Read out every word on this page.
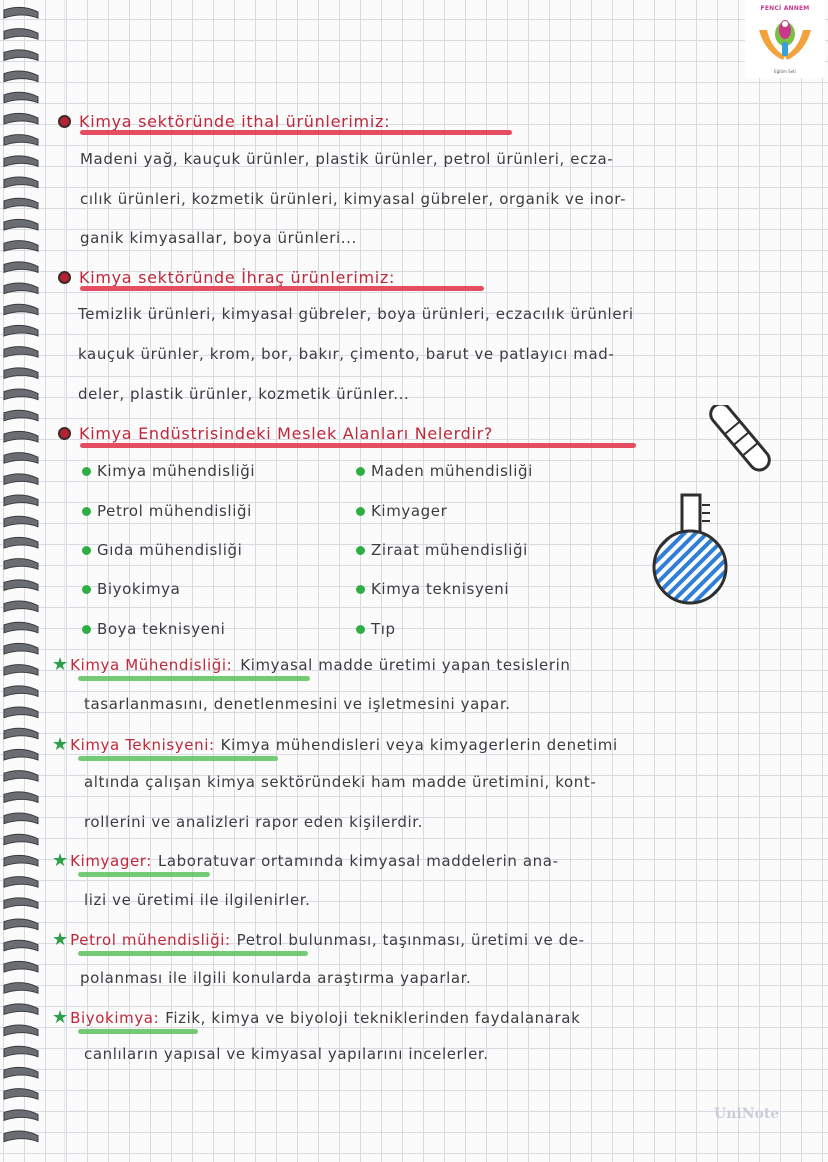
FENCİ ANNEM
Eğitim Seti
Kimya sektöründe ithal ürünlerimiz:
Madeni yağ, kauçuk ürünler, plastik ürünler, petrol ürünleri, ecza-
cılık ürünleri, kozmetik ürünleri, kimyasal gübreler, organik ve inor-
ganik kimyasallar, boya ürünleri...
Kimya sektöründe İhraç ürünlerimiz:
Temizlik ürünleri, kimyasal gübreler, boya ürünleri, eczacılık ürünleri
kauçuk ürünler, krom, bor, bakır, çimento, barut ve patlayıcı mad-
deler, plastik ürünler, kozmetik ürünler...
Kimya Endüstrisindeki Meslek Alanları Nelerdir?
Kimya mühendisliği
Petrol mühendisliği
Gıda mühendisliği
Biyokimya
Boya teknisyeni
Maden mühendisliği
Kimyager
Ziraat mühendisliği
Kimya teknisyeni
Tıp
★ Kimya Mühendisliği: Kimyasal madde üretimi yapan tesislerin
tasarlanmasını, denetlenmesini ve işletmesini yapar.
★ Kimya Teknisyeni: Kimya mühendisleri veya kimyagerlerin denetimi
altında çalışan kimya sektöründeki ham madde üretimini, kont-
rollerini ve analizleri rapor eden kişilerdir.
★ Kimyager: Laboratuvar ortamında kimyasal maddelerin ana-
lizi ve üretimi ile ilgilenirler.
★ Petrol mühendisliği: Petrol bulunması, taşınması, üretimi ve de-
polanması ile ilgili konularda araştırma yaparlar.
★ Biyokimya: Fizik, kimya ve biyoloji tekniklerinden faydalanarak
canlıların yapısal ve kimyasal yapılarını incelerler.
UniNote
